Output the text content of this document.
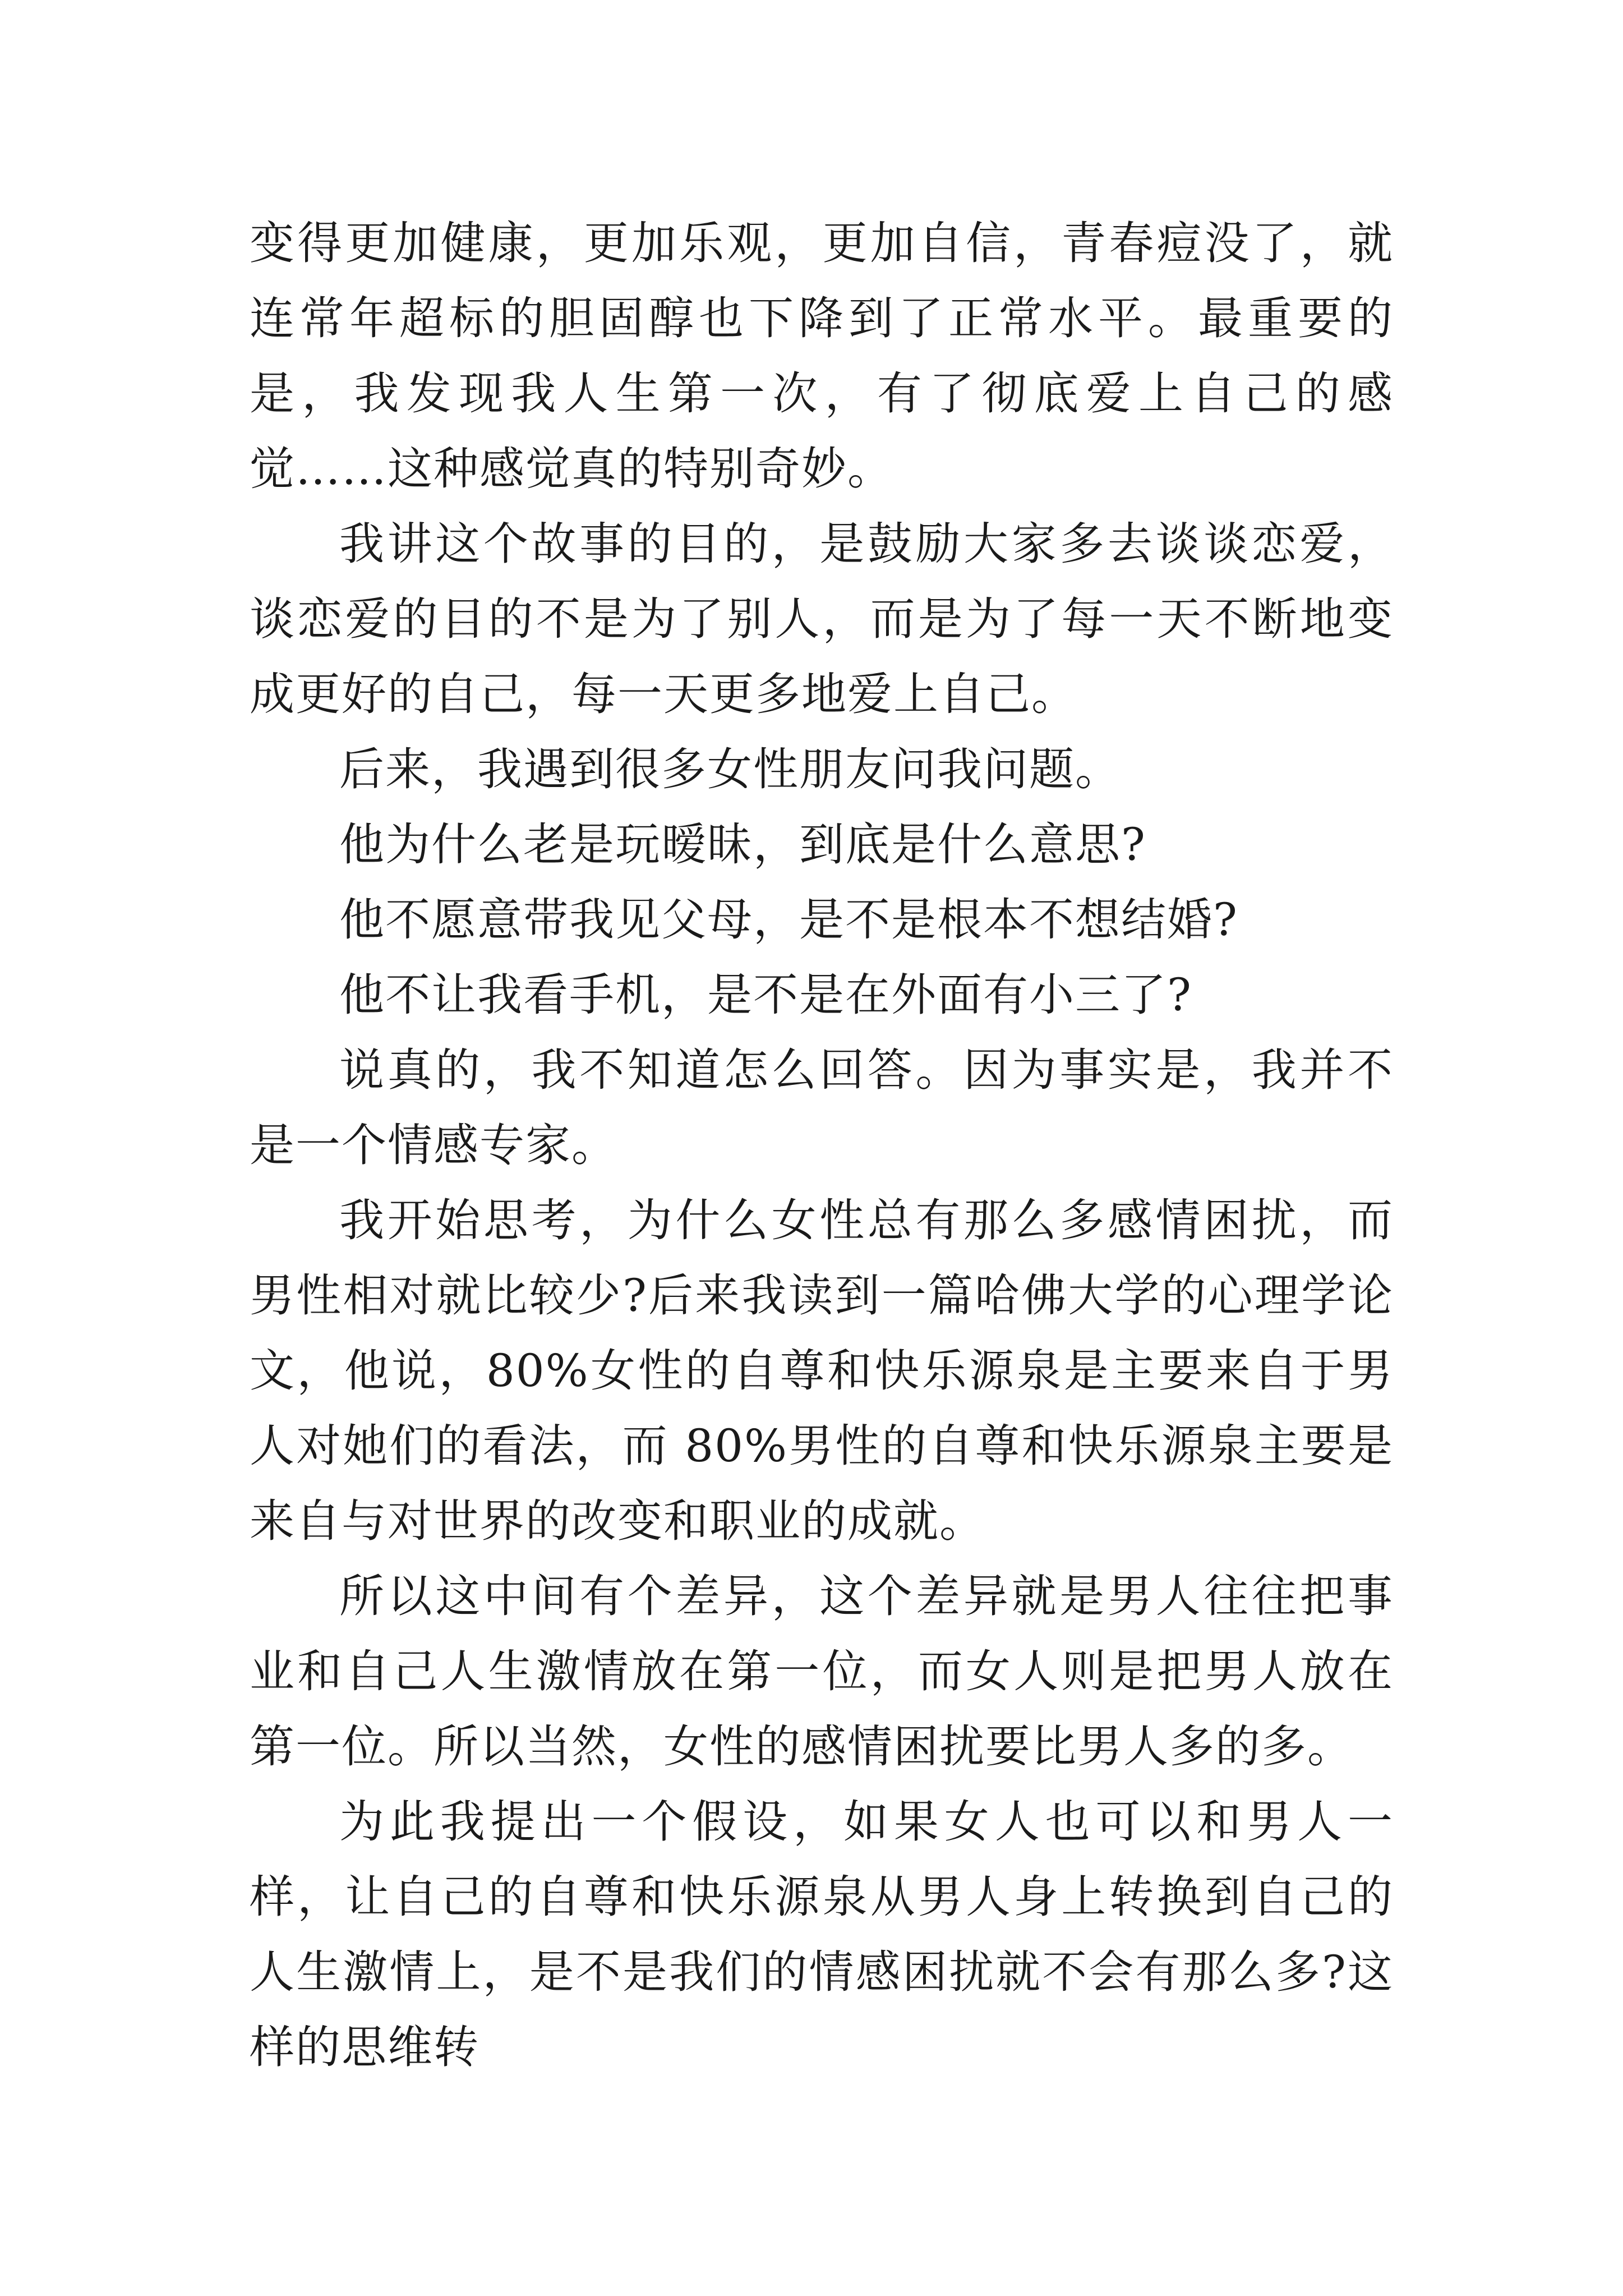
变得更加健康，更加乐观，更加自信，青春痘没了，就连常年超标的胆固醇也下降到了正常水平。最重要的是，我发现我人生第一次，有了彻底爱上自己的感觉……这种感觉真的特别奇妙。

我讲这个故事的目的，是鼓励大家多去谈谈恋爱，谈恋爱的目的不是为了别人，而是为了每一天不断地变成更好的自己，每一天更多地爱上自己。

后来，我遇到很多女性朋友问我问题。

他为什么老是玩暧昧，到底是什么意思?

他不愿意带我见父母，是不是根本不想结婚?

他不让我看手机，是不是在外面有小三了?

说真的，我不知道怎么回答。因为事实是，我并不是一个情感专家。

我开始思考，为什么女性总有那么多感情困扰，而男性相对就比较少?后来我读到一篇哈佛大学的心理学论文，他说，80%女性的自尊和快乐源泉是主要来自于男人对她们的看法，而 80%男性的自尊和快乐源泉主要是来自与对世界的改变和职业的成就。

所以这中间有个差异，这个差异就是男人往往把事业和自己人生激情放在第一位，而女人则是把男人放在第一位。所以当然，女性的感情困扰要比男人多的多。

为此我提出一个假设，如果女人也可以和男人一样，让自己的自尊和快乐源泉从男人身上转换到自己的人生激情上，是不是我们的情感困扰就不会有那么多?这样的思维转
